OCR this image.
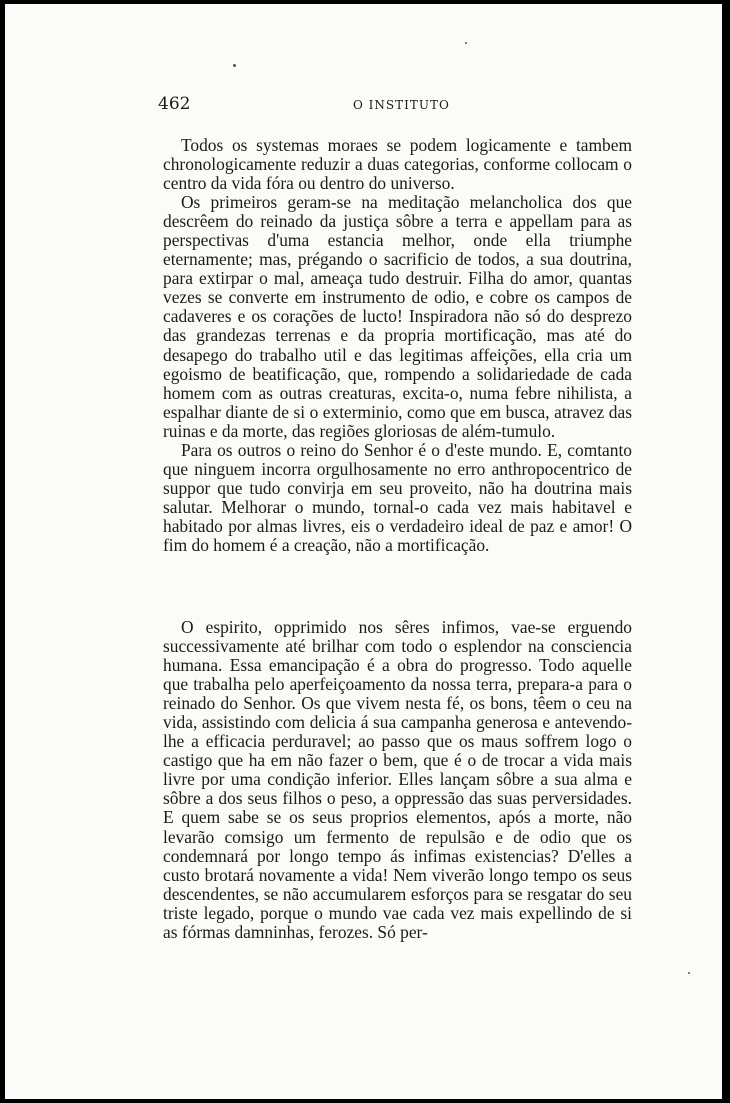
462	O INSTITUTO

Todos os systemas moraes se podem logicamente e tambem chronologicamente reduzir a duas categorias, conforme collocam o centro da vida fóra ou dentro do universo.

Os primeiros geram-se na meditação melancholica dos que descrêem do reinado da justiça sôbre a terra e appellam para as perspectivas d'uma estancia melhor, onde ella triumphe eternamente; mas, prégando o sacrificio de todos, a sua doutrina, para extirpar o mal, ameaça tudo destruir. Filha do amor, quantas vezes se converte em instrumento de odio, e cobre os campos de cadaveres e os corações de lucto! Inspiradora não só do desprezo das grandezas terrenas e da propria mortificação, mas até do desapego do trabalho util e das legitimas affeições, ella cria um egoismo de beatificação, que, rompendo a solidariedade de cada homem com as outras creaturas, excita-o, numa febre nihilista, a espalhar diante de si o exterminio, como que em busca, atravez das ruinas e da morte, das regiões gloriosas de além-tumulo.

Para os outros o reino do Senhor é o d'este mundo. E, comtanto que ninguem incorra orgulhosamente no erro anthropocentrico de suppor que tudo convirja em seu proveito, não ha doutrina mais salutar. Melhorar o mundo, tornal-o cada vez mais habitavel e habitado por almas livres, eis o verdadeiro ideal de paz e amor! O fim do homem é a creação, não a mortificação.

O espirito, opprimido nos sêres infimos, vae-se erguendo successivamente até brilhar com todo o esplendor na consciencia humana. Essa emancipação é a obra do progresso. Todo aquelle que trabalha pelo aperfeiçoamento da nossa terra, prepara-a para o reinado do Senhor. Os que vivem nesta fé, os bons, têem o ceu na vida, assistindo com delicia á sua campanha generosa e antevendo-lhe a efficacia perduravel; ao passo que os maus soffrem logo o castigo que ha em não fazer o bem, que é o de trocar a vida mais livre por uma condição inferior. Elles lançam sôbre a sua alma e sôbre a dos seus filhos o peso, a oppressão das suas perversidades. E quem sabe se os seus proprios elementos, após a morte, não levarão comsigo um fermento de repulsão e de odio que os condemnará por longo tempo ás infimas existencias? D'elles a custo brotará novamente a vida! Nem viverão longo tempo os seus descendentes, se não accumularem esforços para se resgatar do seu triste legado, porque o mundo vae cada vez mais expellindo de si as fórmas damninhas, ferozes. Só per-
